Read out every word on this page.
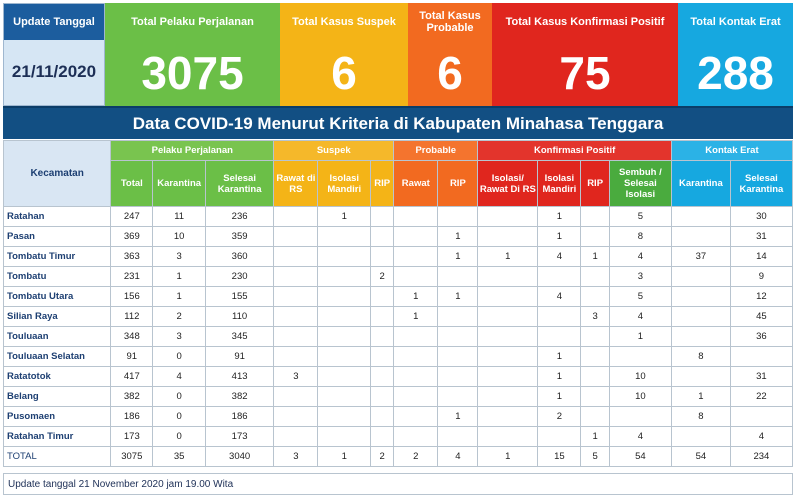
Update Tanggal
21/11/2020
Total Pelaku Perjalanan
3075
Total Kasus Suspek
6
Total Kasus Probable
6
Total Kasus Konfirmasi Positif
75
Total Kontak Erat
288
Data COVID-19 Menurut Kriteria di Kabupaten Minahasa Tenggara
Kecamatan	Pelaku Perjalanan			Suspek			Probable		Konfirmasi Positif				Kontak Erat	
	Total	Karantina	Selesai Karantina	Rawat di RS	Isolasi Mandiri	RIP	Rawat	RIP	Isolasi/ Rawat Di RS	Isolasi Mandiri	RIP	Sembuh / Selesai Isolasi	Karantina	Selesai Karantina
Ratahan	247	11	236		1					1		5		30
Pasan	369	10	359					1		1		8		31
Tombatu Timur	363	3	360					1	1	4	1	4	37	14
Tombatu	231	1	230			2						3		9
Tombatu Utara	156	1	155				1	1		4		5		12
Silian Raya	112	2	110				1				3	4		45
Touluaan	348	3	345									1		36
Touluaan Selatan	91	0	91							1			8	
Ratatotok	417	4	413	3						1		10		31
Belang	382	0	382							1		10	1	22
Pusomaen	186	0	186					1		2			8	
Ratahan Timur	173	0	173								1	4		4
TOTAL	3075	35	3040	3	1	2	2	4	1	15	5	54	54	234
Update tanggal 21 November 2020 jam 19.00 Wita
